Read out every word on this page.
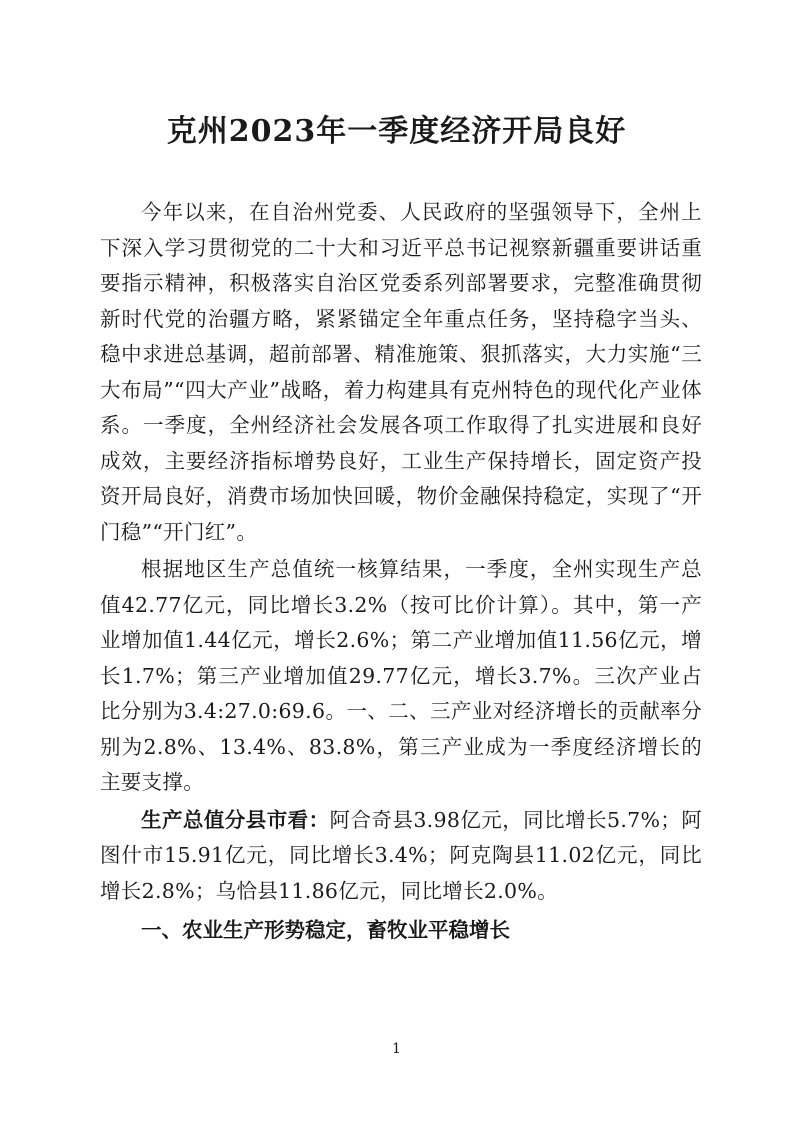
克州2023年一季度经济开局良好

今年以来，在自治州党委、人民政府的坚强领导下，全州上下深入学习贯彻党的二十大和习近平总书记视察新疆重要讲话重要指示精神，积极落实自治区党委系列部署要求，完整准确贯彻新时代党的治疆方略，紧紧锚定全年重点任务，坚持稳字当头、稳中求进总基调，超前部署、精准施策、狠抓落实，大力实施“三大布局”“四大产业”战略，着力构建具有克州特色的现代化产业体系。一季度，全州经济社会发展各项工作取得了扎实进展和良好成效，主要经济指标增势良好，工业生产保持增长，固定资产投资开局良好，消费市场加快回暖，物价金融保持稳定，实现了“开门稳”“开门红”。

根据地区生产总值统一核算结果，一季度，全州实现生产总值42.77亿元，同比增长3.2%（按可比价计算）。其中，第一产业增加值1.44亿元，增长2.6%；第二产业增加值11.56亿元，增长1.7%；第三产业增加值29.77亿元，增长3.7%。三次产业占比分别为3.4:27.0:69.6。一、二、三产业对经济增长的贡献率分别为2.8%、13.4%、83.8%，第三产业成为一季度经济增长的主要支撑。

生产总值分县市看：阿合奇县3.98亿元，同比增长5.7%；阿图什市15.91亿元，同比增长3.4%；阿克陶县11.02亿元，同比增长2.8%；乌恰县11.86亿元，同比增长2.0%。

一、农业生产形势稳定，畜牧业平稳增长

1
